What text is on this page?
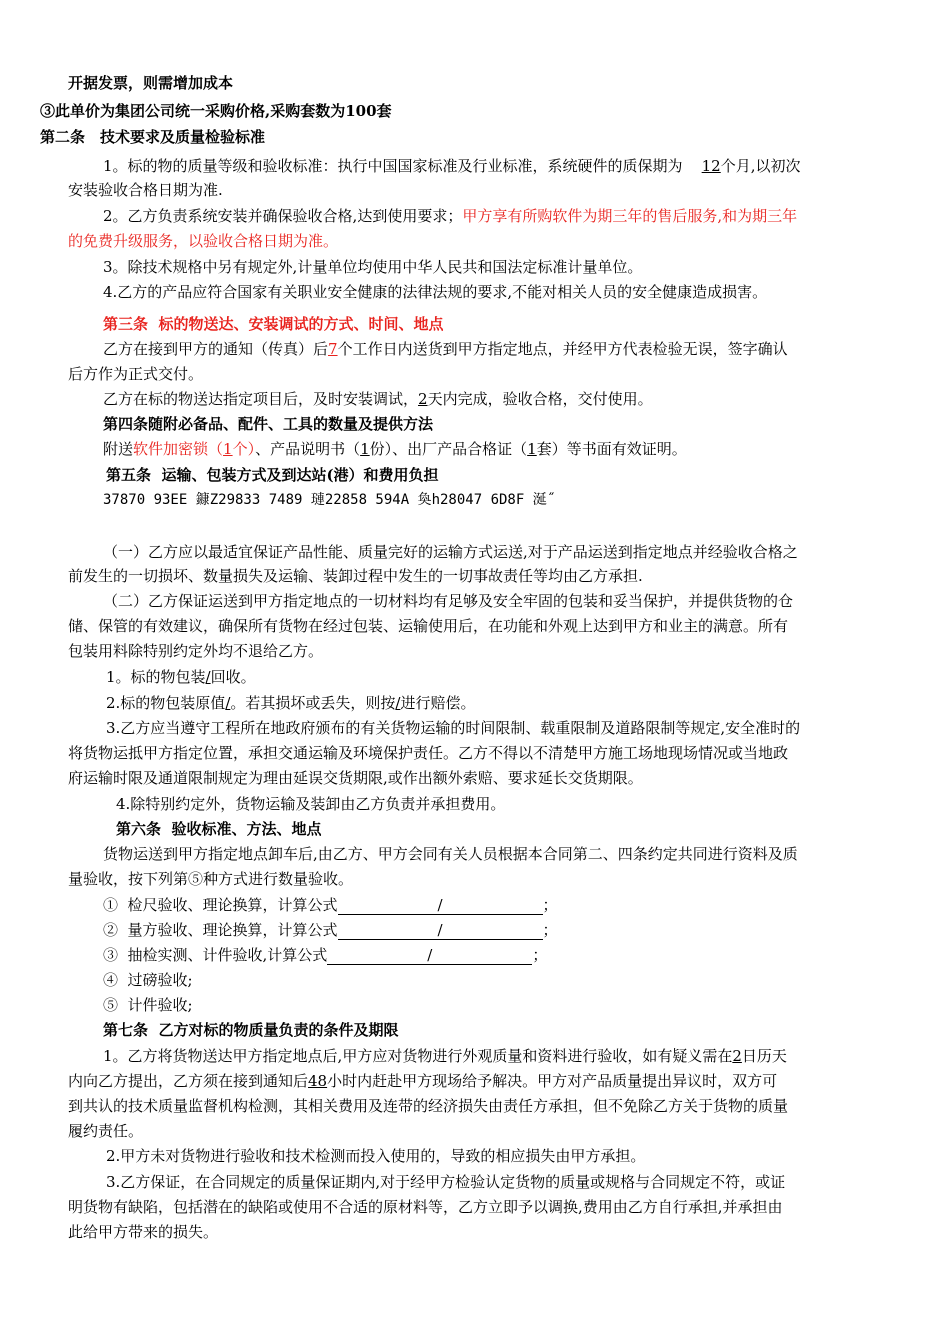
开据发票，则需增加成本
③此单价为集团公司统一采购价格,采购套数为100套
第二条　技术要求及质量检验标准
1。标的物的质量等级和验收标准：执行中国国家标准及行业标准，系统硬件的质保期为 12个月,以初次
安装验收合格日期为准.
2。乙方负责系统安装并确保验收合格,达到使用要求；甲方享有所购软件为期三年的售后服务,和为期三年
的免费升级服务，以验收合格日期为准。
3。除技术规格中另有规定外,计量单位均使用中华人民共和国法定标准计量单位。
4.乙方的产品应符合国家有关职业安全健康的法律法规的要求,不能对相关人员的安全健康造成损害。
第三条  标的物送达、安装调试的方式、时间、地点
乙方在接到甲方的通知（传真）后7个工作日内送货到甲方指定地点，并经甲方代表检验无误，签字确认
后方作为正式交付。
乙方在标的物送达指定项目后，及时安装调试，2天内完成，验收合格，交付使用。
第四条随附必备品、配件、工具的数量及提供方法
附送软件加密锁（1个）、产品说明书（1份）、出厂产品合格证（1套）等书面有效证明。
第五条  运输、包装方式及到达站(港）和费用负担
37870 93EE 鏮Z29833 7489 璉22858 594A 奐h28047 6D8F 涎˝
（一）乙方应以最适宜保证产品性能、质量完好的运输方式运送,对于产品运送到指定地点并经验收合格之
前发生的一切损坏、数量损失及运输、装卸过程中发生的一切事故责任等均由乙方承担.
（二）乙方保证运送到甲方指定地点的一切材料均有足够及安全牢固的包装和妥当保护，并提供货物的仓
储、保管的有效建议，确保所有货物在经过包装、运输使用后，在功能和外观上达到甲方和业主的满意。所有
包装用料除特别约定外均不退给乙方。
1。标的物包装/回收。
2.标的物包装原值/。若其损坏或丢失，则按/进行赔偿。
3.乙方应当遵守工程所在地政府颁布的有关货物运输的时间限制、载重限制及道路限制等规定,安全准时的
将货物运抵甲方指定位置，承担交通运输及环境保护责任。乙方不得以不清楚甲方施工场地现场情况或当地政
府运输时限及通道限制规定为理由延误交货期限,或作出额外索赔、要求延长交货期限。
4.除特别约定外，货物运输及装卸由乙方负责并承担费用。
第六条  验收标准、方法、地点
货物运送到甲方指定地点卸车后,由乙方、甲方会同有关人员根据本合同第二、四条约定共同进行资料及质
量验收，按下列第⑤种方式进行数量验收。
①  检尺验收、理论换算，计算公式	/	；
②  量方验收、理论换算，计算公式	/	；
③  抽检实测、计件验收,计算公式	/	；
④  过磅验收;
⑤  计件验收;
第七条  乙方对标的物质量负责的条件及期限
1。乙方将货物送达甲方指定地点后,甲方应对货物进行外观质量和资料进行验收，如有疑义需在2日历天
内向乙方提出，乙方须在接到通知后48小时内赶赴甲方现场给予解决。甲方对产品质量提出异议时，双方可
到共认的技术质量监督机构检测，其相关费用及连带的经济损失由责任方承担，但不免除乙方关于货物的质量
履约责任。
2.甲方未对货物进行验收和技术检测而投入使用的，导致的相应损失由甲方承担。
3.乙方保证，在合同规定的质量保证期内,对于经甲方检验认定货物的质量或规格与合同规定不符，或证
明货物有缺陷，包括潜在的缺陷或使用不合适的原材料等，乙方立即予以调换,费用由乙方自行承担,并承担由
此给甲方带来的损失。
